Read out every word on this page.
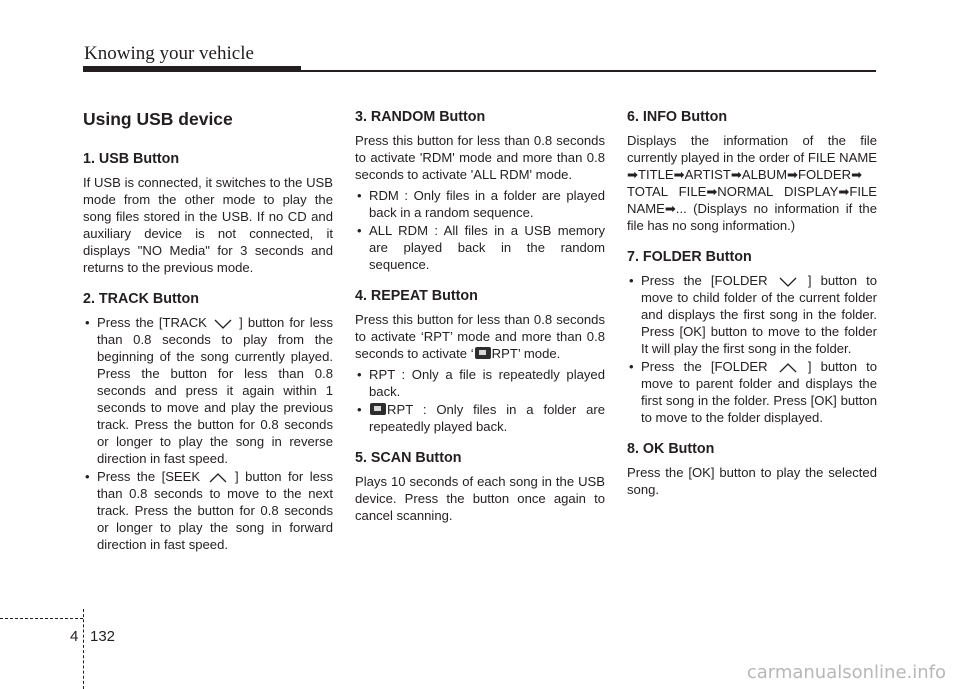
Knowing your vehicle
Using USB device
1. USB Button

If USB is connected, it switches to the USB mode from the other mode to play the song files stored in the USB. If no CD and auxiliary device is not connected, it displays "NO Media" for 3 seconds and returns to the previous mode.

2. TRACK Button
• Press the [TRACK ] button for less than 0.8 seconds to play from the beginning of the song currently played. Press the button for less than 0.8 seconds and press it again within 1 seconds to move and play the previous track. Press the button for 0.8 seconds or longer to play the song in reverse direction in fast speed.
• Press the [SEEK	] button for less than 0.8 seconds to move to the next track. Press the button for 0.8 seconds or longer to play the song in forward direction in fast speed.
3. RANDOM Button

Press this button for less than 0.8 seconds to activate 'RDM' mode and more than 0.8 seconds to activate 'ALL RDM' mode.

• RDM : Only files in a folder are played back in a random sequence.
• ALL RDM : All files in a USB memory are played back in the random sequence.
4. REPEAT Button

Press this button for less than 0.8 seconds to activate ‘RPT’ mode and more than 0.8 seconds to activate ‘ RPT’ mode.

• RPT : Only a file is repeatedly played back.
• RPT : Only files in a folder are repeatedly played back.
5. SCAN Button

Plays 10 seconds of each song in the USB device. Press the button once again to cancel scanning.

6. INFO Button

Displays the information of the file currently played in the order of FILE NAME ➡TITLE➡ARTIST➡ALBUM➡FOLDER➡ TOTAL FILE➡NORMAL DISPLAY➡FILE NAME➡... (Displays no information if the file has no song information.)

7. FOLDER Button
• Press the [FOLDER	] button to move to child folder of the current folder and displays the first song in the folder. Press [OK] button to move to the folder It will play the first song in the folder.
• Press the [FOLDER	] button to move to parent folder and displays the first song in the folder. Press [OK] button to move to the folder displayed.
8. OK Button

Press the [OK] button to play the selected song.

4 132
carmanualsonline.info
